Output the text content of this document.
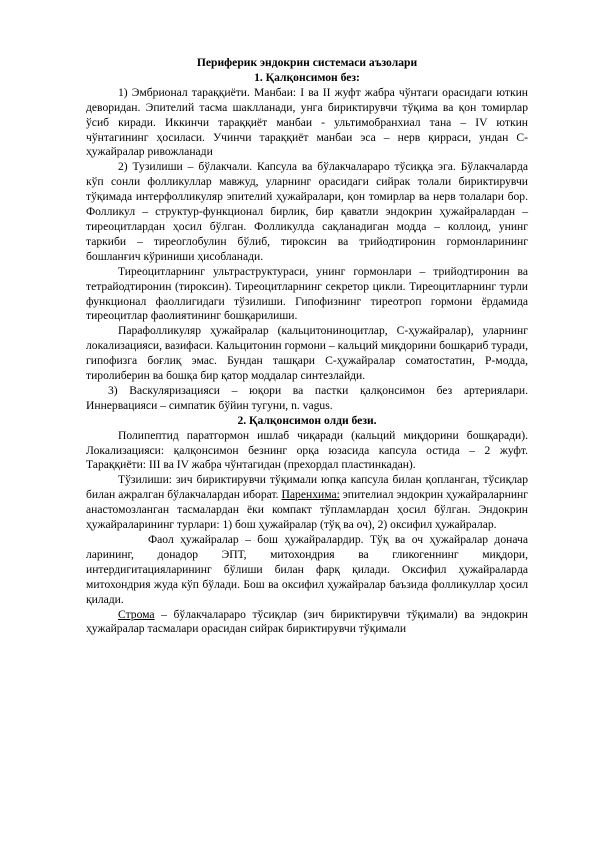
Периферик эндокрин системаси аъзолари

1. Қалқонсимон без:

1) Эмбрионал тараққиёти. Манбаи: I ва II жуфт жабра чўнтаги орасидаги юткин деворидан. Эпителий тасма шаклланади, унга бириктирувчи тўқима ва қон томирлар ўсиб киради. Иккинчи тараққиёт манбаи - ультимобранхиал тана – IV юткин чўнтагининг ҳосиласи. Учинчи тараққиёт манбаи эса – нерв қирраси, ундан С-ҳужайралар ривожланади

2) Тузилиши – бўлакчали. Капсула ва бўлакчалараро тўсиққа эга. Бўлакчаларда кўп сонли фолликуллар мавжуд, уларнинг орасидаги сийрак толали бириктирувчи тўқимада интерфолликуляр эпителий ҳужайралари, қон томирлар ва нерв толалари бор. Фолликул – структур-функционал бирлик, бир қаватли эндокрин ҳужайралардан – тиреоцитлардан ҳосил бўлган. Фолликулда сақланадиган модда – коллоид, унинг таркиби – тиреоглобулин бўлиб, тироксин ва трийодтиронин гормонларининг бошланғич кўриниши ҳисобланади.

Тиреоцитларнинг ультраструктураси, унинг гормонлари – трийодтиронин ва тетрайодтиронин (тироксин). Тиреоцитларнинг секретор цикли. Тиреоцитларнинг турли функционал фаоллигидаги тўзилиши. Гипофизнинг тиреотроп гормони ёрдамида тиреоцитлар фаолиятининг бошқарилиши.

Парафолликуляр ҳужайралар (кальцитониноцитлар, С-ҳужайралар), уларнинг локализацияси, вазифаси. Кальцитонин гормони – кальций миқдорини бошқариб туради, гипофизга боғлиқ эмас. Бундан ташқари С-ҳужайралар соматостатин, Р-модда, тиролиберин ва бошқа бир қатор моддалар синтезлайди.

3) Васкуляризацияси – юқори ва пастки қалқонсимон без артериялари. Иннервацияси – симпатик бўйин тугуни, n. vagus.

2. Қалқонсимон олди бези.

Полипептид паратгормон ишлаб чиқаради (кальций миқдорини бошқаради). Локализацияси: қалқонсимон безнинг орқа юзасида капсула остида – 2 жуфт. Тараққиёти: III ва IV жабра чўнтагидан (прехордал пластинкадан).

Тўзилиши: зич бириктирувчи тўқимали юпқа капсула билан қопланган, тўсиқлар билан ажралган бўлакчалардан иборат. Паренхима: эпителиал эндокрин ҳужайраларнинг анастомозланган тасмалардан ёки компакт тўпламлардан ҳосил бўлган. Эндокрин ҳужайраларининг турлари: 1) бош ҳужайралар (тўқ ва оч), 2) оксифил ҳужайралар.

Фаол ҳужайралар – бош ҳужайралардир. Тўқ ва оч ҳужайралар донача ларининг, донадор ЭПТ, митохондрия ва гликогеннинг миқдори, интердигитацияларининг бўлиши билан фарқ қилади. Оксифил ҳужайраларда митохондрия жуда кўп бўлади. Бош ва оксифил ҳужайралар баъзида фолликуллар ҳосил қилади.

Строма – бўлакчалараро тўсиқлар (зич бириктирувчи тўқимали) ва эндокрин ҳужайралар тасмалари орасидан сийрак бириктирувчи тўқимали
